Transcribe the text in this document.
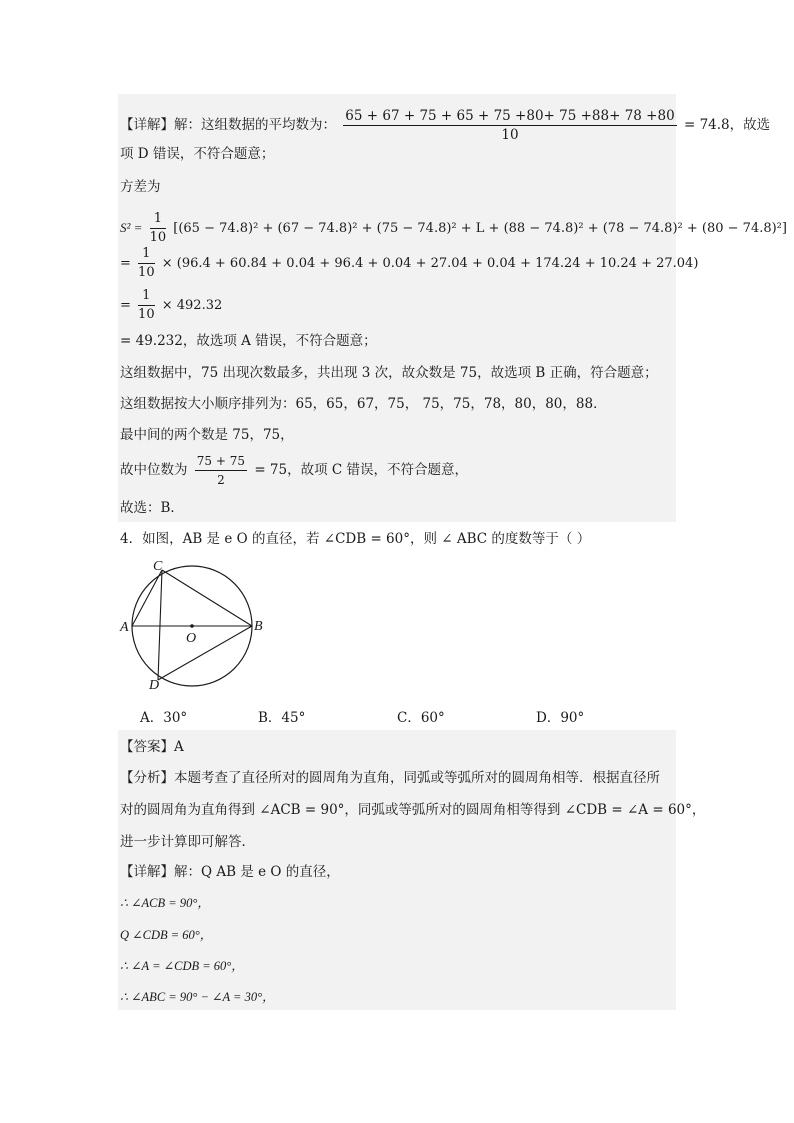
【详解】解：这组数据的平均数为： $\frac{65 + 67 + 75 + 65 + 75 +80+ 75 +88+ 78 +80}{10} = 74.8$，故选
项 D 错误，不符合题意；
方差为
$S^2 = \frac{1}{10} [(65 - 74.8)^2 + (67 - 74.8)^2 + (75 - 74.8)^2 + L + (88 - 74.8)^2 + (78 - 74.8)^2 + (80 - 74.8)^2]$
= $\frac{1}{10} \times (96.4 + 60.84 + 0.04 + 96.4 + 0.04 + 27.04 + 0.04 + 174.24 + 10.24 + 27.04)$
= $\frac{1}{10} \times 492.32$
= 49.232，故选项 A 错误，不符合题意；
这组数据中，75 出现次数最多，共出现 3 次，故众数是 75，故选项 B 正确，符合题意；
这组数据按大小顺序排列为：65，65，67，75， 75，75，78，80，80，88．
最中间的两个数是 75，75，
故中位数为 $\frac{75 + 75}{2} = 75$，故项 C 错误，不符合题意，
故选：B．
4．如图，AB 是 e O 的直径，若 ∠CDB = 60°，则 ∠ ABC 的度数等于（ ）
C
A	B
O
D
A．30°	B．45°	C．60°	D．90°
【答案】A
【分析】本题考查了直径所对的圆周角为直角，同弧或等弧所对的圆周角相等．根据直径所
对的圆周角为直角得到 ∠ACB = 90°，同弧或等弧所对的圆周角相等得到 ∠CDB = ∠A = 60°，
进一步计算即可解答．
【详解】解：Q AB 是 e O 的直径，
∴ ∠ACB = 90°，
Q ∠CDB = 60°，
∴ ∠A = ∠CDB = 60°，
∴ ∠ABC = 90° − ∠A = 30°，
